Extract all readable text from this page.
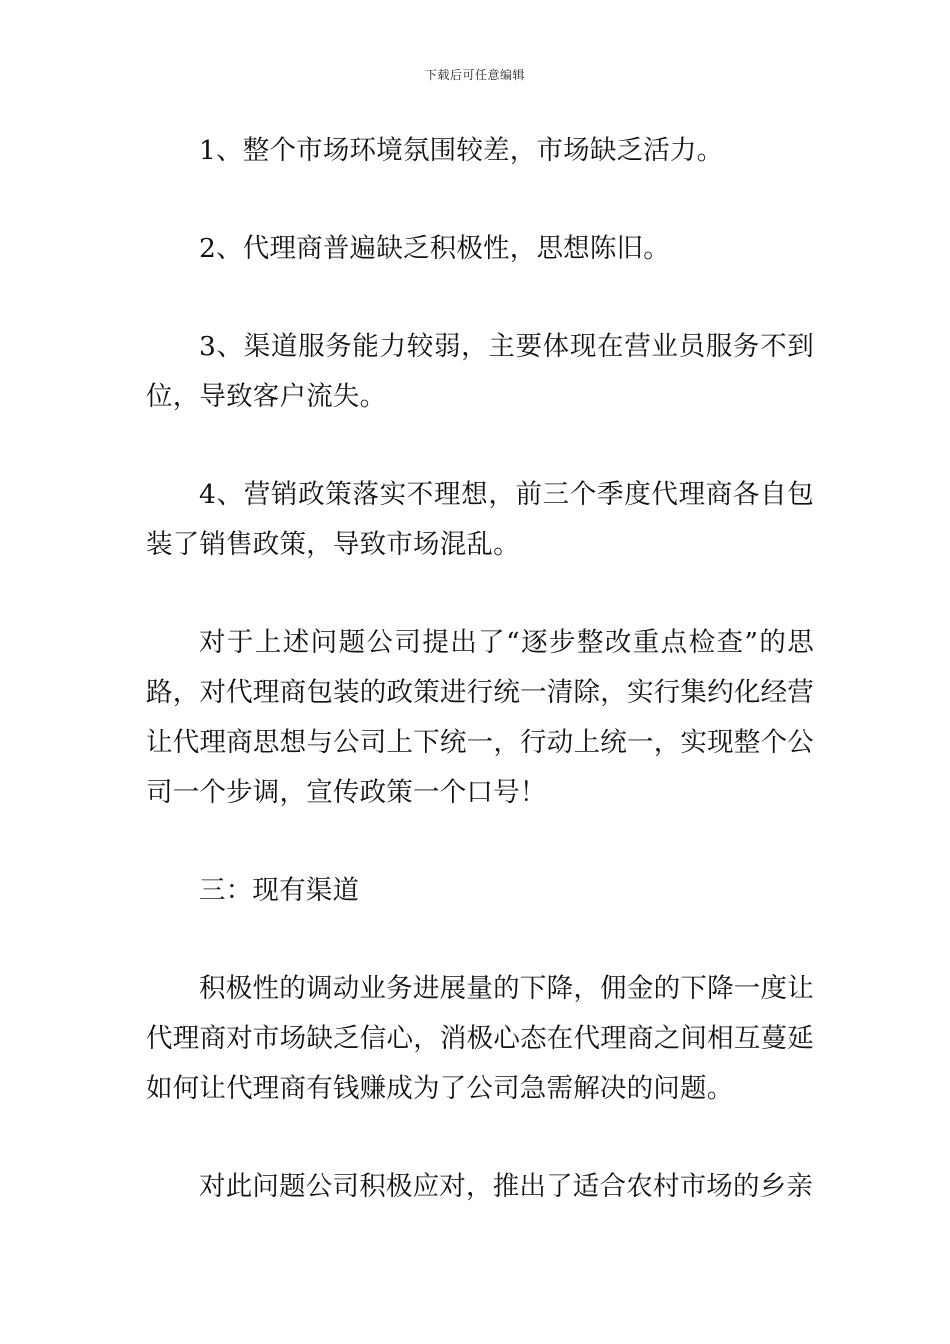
下载后可任意编辑

1、整个市场环境氛围较差，市场缺乏活力。

2、代理商普遍缺乏积极性，思想陈旧。

3、渠道服务能力较弱，主要体现在营业员服务不到位，导致客户流失。

4、营销政策落实不理想，前三个季度代理商各自包装了销售政策，导致市场混乱。

对于上述问题公司提出了“逐步整改重点检查”的思路，对代理商包装的政策进行统一清除，实行集约化经营让代理商思想与公司上下统一，行动上统一，实现整个公司一个步调，宣传政策一个口号！

三：现有渠道

积极性的调动业务进展量的下降，佣金的下降一度让代理商对市场缺乏信心，消极心态在代理商之间相互蔓延如何让代理商有钱赚成为了公司急需解决的问题。

对此问题公司积极应对，推出了适合农村市场的乡亲
